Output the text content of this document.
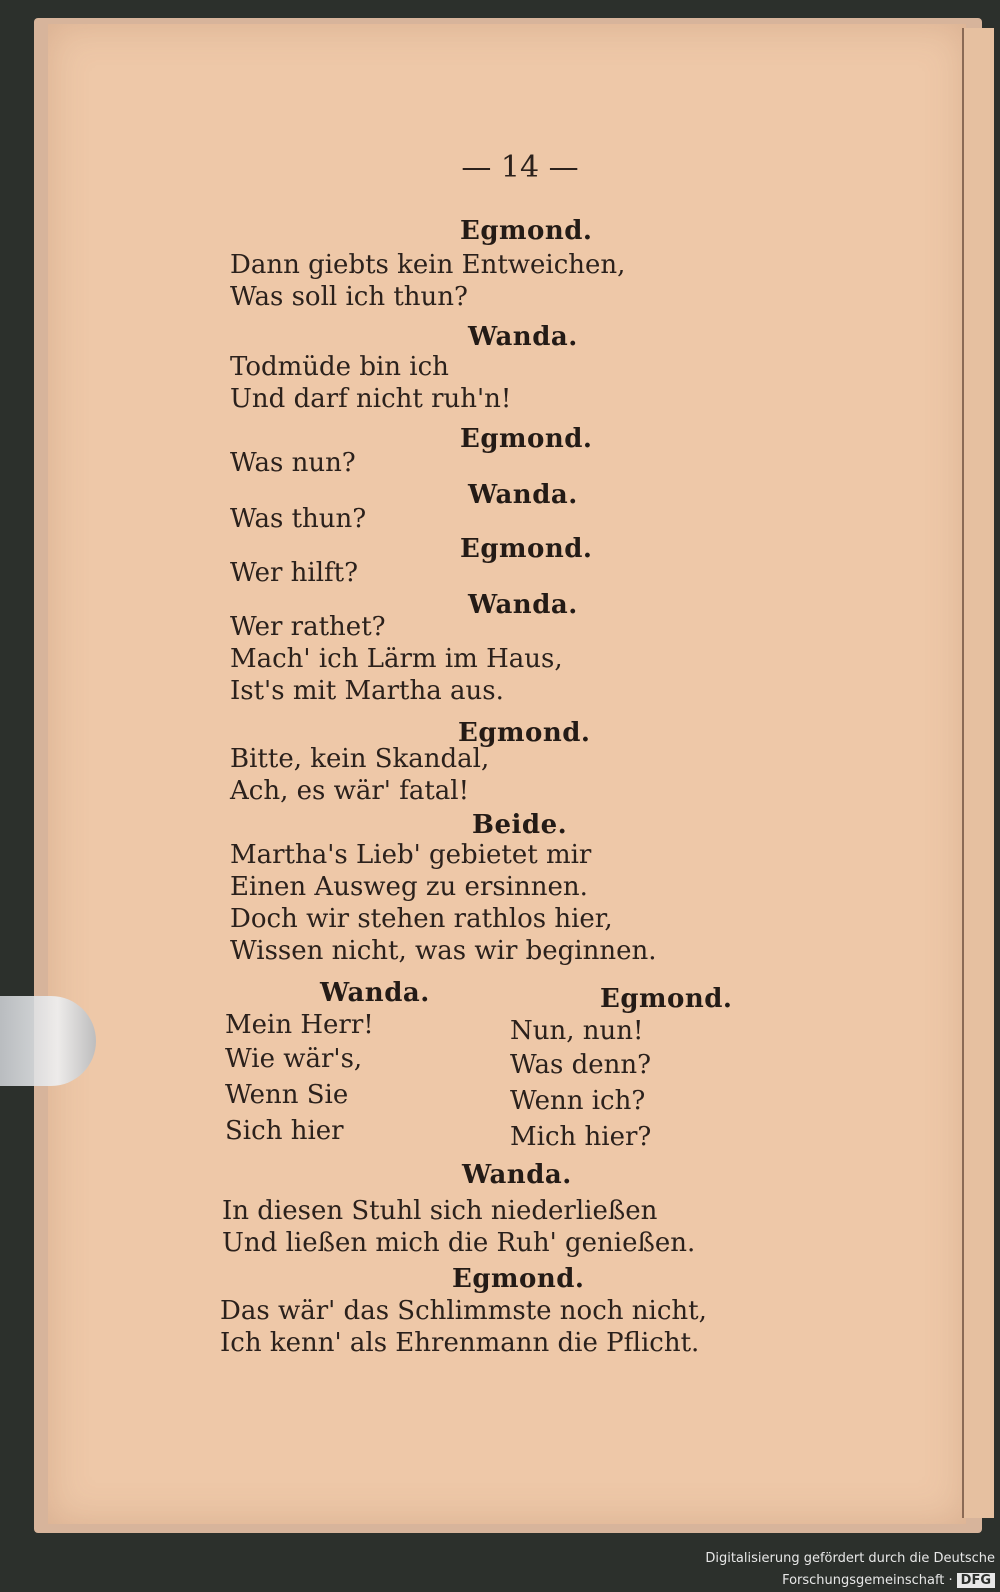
— 14 —
Egmond.
Dann giebts kein Entweichen,
Was soll ich thun?
Wanda.
Todmüde bin ich
Und darf nicht ruh'n!
Egmond.
Was nun?
Wanda.
Was thun?
Egmond.
Wer hilft?
Wanda.
Wer rathet?
Mach' ich Lärm im Haus,
Ist's mit Martha aus.
Egmond.
Bitte, kein Skandal,
Ach, es wär' fatal!
Beide.
Martha's Lieb' gebietet mir
Einen Ausweg zu ersinnen.
Doch wir stehen rathlos hier,
Wissen nicht, was wir beginnen.
Wanda.	Egmond.
Mein Herr!
Wie wär's,
Wenn Sie
Sich hier
Nun, nun!
Was denn?
Wenn ich?
Mich hier?
Wanda.
In diesen Stuhl sich niederließen
Und ließen mich die Ruh' genießen.
Egmond.
Das wär' das Schlimmste noch nicht,
Ich kenn' als Ehrenmann die Pflicht.
Digitalisierung gefördert durch die Deutsche Forschungsgemeinschaft · DFG
